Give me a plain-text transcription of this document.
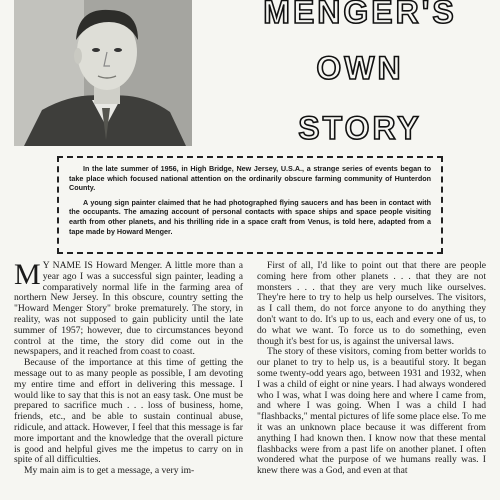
MENGER'S
OWN
STORY

In the late summer of 1956, in High Bridge, New Jersey, U.S.A., a strange series of events began to take place which focused national attention on the ordinarily obscure farming community of Hunterdon County.

A young sign painter claimed that he had photographed flying saucers and has been in contact with the occupants. The amazing account of personal contacts with space ships and space people visiting earth from other planets, and his thrilling ride in a space craft from Venus, is told here, adapted from a tape made by Howard Menger.

M Y NAME IS Howard Menger. A little more than a year ago I was a successful sign painter, leading a comparatively normal life in the farming area of northern New Jersey. In this obscure, country setting the "Howard Menger Story" broke prematurely. The story, in reality, was not supposed to gain publicity until the late summer of 1957; however, due to circumstances beyond control at the time, the story did come out in the newspapers, and it reached from coast to coast.

Because of the importance at this time of getting the message out to as many people as possible, I am devoting my entire time and effort in delivering this message. I would like to say that this is not an easy task. One must be prepared to sacrifice much . . . loss of business, home, friends, etc., and be able to sustain continual abuse, ridicule, and attack. However, I feel that this message is far more important and the knowledge that the overall picture is good and helpful gives me the impetus to carry on in spite of all difficulties.

My main aim is to get a message, a very im-

First of all, I'd like to point out that there are people coming here from other planets . . . that they are not monsters . . . that they are very much like ourselves. They're here to try to help us help ourselves. The visitors, as I call them, do not force anyone to do anything they don't want to do. It's up to us, each and every one of us, to do what we want. To force us to do something, even though it's best for us, is against the universal laws.

The story of these visitors, coming from better worlds to our planet to try to help us, is a beautiful story. It began some twenty-odd years ago, between 1931 and 1932, when I was a child of eight or nine years. I had always wondered who I was, what I was doing here and where I came from, and where I was going. When I was a child I had "flashbacks," mental pictures of life some place else. To me it was an unknown place because it was different from anything I had known then. I know now that these mental flashbacks were from a past life on another planet. I often wondered what the purpose of we humans really was. I knew there was a God, and even at that
